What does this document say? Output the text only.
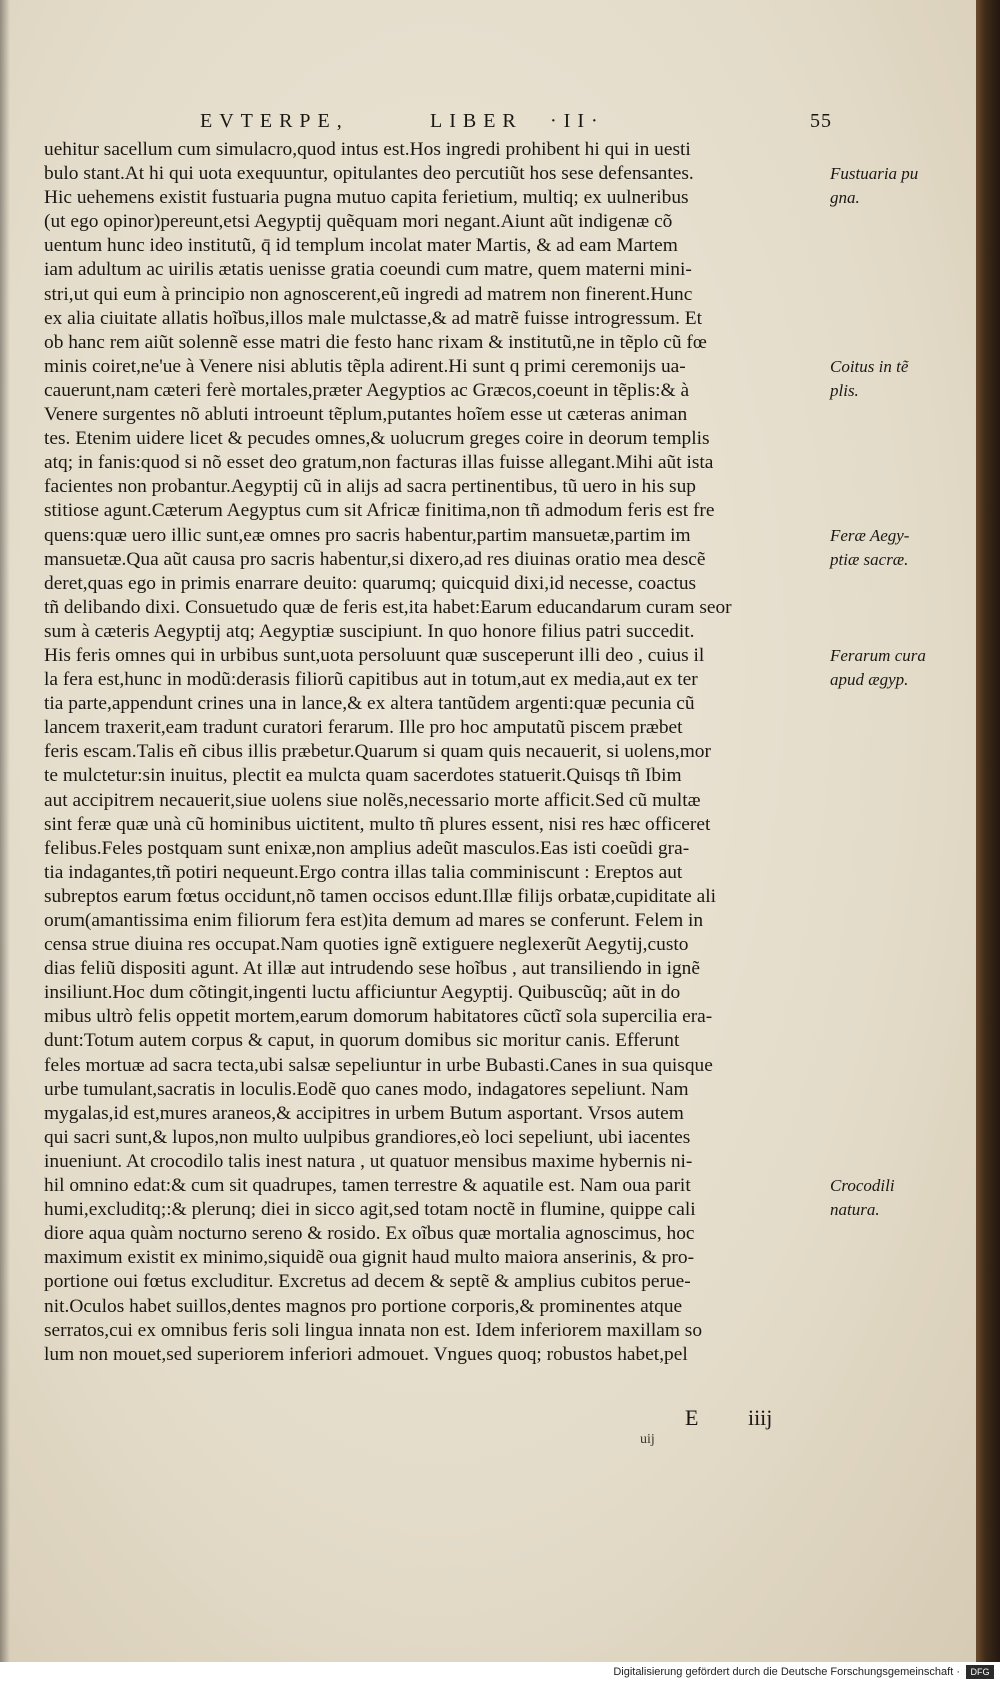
EVTERPE,	LIBER ·II·	55
uehitur sacellum cum simulacro,quod intus est.Hos ingredi prohibent hi qui in uesti
bulo stant.At hi qui uota exequuntur, opitulantes deo percutiũt hos sese defensantes.
Hic uehemens existit fustuaria pugna mutuo capita ferietium, multiq; ex uulneribus
(ut ego opinor)pereunt,etsi Aegyptĳ quẽquam mori negant.Aiunt aũt indigenæ cõ
uentum hunc ideo institutũ, q̄ id templum incolat mater Martis, & ad eam Martem
iam adultum ac uirilis ætatis uenisse gratia coeundi cum matre, quem materni mini-
stri,ut qui eum à principio non agnoscerent,eũ ingredi ad matrem non finerent.Hunc
ex alia ciuitate allatis hoĩbus,illos male mulctasse,& ad matrẽ fuisse introgressum. Et
ob hanc rem aiũt solennẽ esse matri die festo hanc rixam & institutũ,ne in tẽplo cũ fœ
minis coiret,ne'ue à Venere nisi ablutis tẽpla adirent.Hi sunt q primi ceremonĳs ua-
cauerunt,nam cæteri ferè mortales,præter Aegyptios ac Græcos,coeunt in tẽplis:& à
Venere surgentes nõ abluti introeunt tẽplum,putantes hoĩem esse ut cæteras animan
tes. Etenim uidere licet & pecudes omnes,& uolucrum greges coire in deorum templis
atq; in fanis:quod si nõ esset deo gratum,non facturas illas fuisse allegant.Mihi aũt ista
facientes non probantur.Aegyptĳ cũ in alĳs ad sacra pertinentibus, tũ uero in his sup
stitiose agunt.Cæterum Aegyptus cum sit Africæ finitima,non tñ admodum feris est fre
quens:quæ uero illic sunt,eæ omnes pro sacris habentur,partim mansuetæ,partim im
mansuetæ.Qua aũt causa pro sacris habentur,si dixero,ad res diuinas oratio mea descẽ
deret,quas ego in primis enarrare deuito: quarumq; quicquid dixi,id necesse, coactus
tñ delibando dixi. Consuetudo quæ de feris est,ita habet:Earum educandarum curam seor
sum à cæteris Aegyptĳ atq; Aegyptiæ suscipiunt. In quo honore filius patri succedit.
His feris omnes qui in urbibus sunt,uota persoluunt quæ susceperunt illi deo , cuius il
la fera est,hunc in modũ:derasis filiorũ capitibus aut in totum,aut ex media,aut ex ter
tia parte,appendunt crines una in lance,& ex altera tantũdem argenti:quæ pecunia cũ
lancem traxerit,eam tradunt curatori ferarum. Ille pro hoc amputatũ piscem præbet
feris escam.Talis eñ cibus illis præbetur.Quarum si quam quis necauerit, si uolens,mor
te mulctetur:sin inuitus, plectit ea mulcta quam sacerdotes statuerit.Quisqs tñ Ibim
aut accipitrem necauerit,siue uolens siue nolẽs,necessario morte afficit.Sed cũ multæ
sint feræ quæ unà cũ hominibus uictitent, multo tñ plures essent, nisi res hæc officeret
felibus.Feles postquam sunt enixæ,non amplius adeũt masculos.Eas isti coeũdi gra-
tia indagantes,tñ potiri nequeunt.Ergo contra illas talia comminiscunt : Ereptos aut
subreptos earum fœtus occidunt,nõ tamen occisos edunt.Illæ filĳs orbatæ,cupiditate ali
orum(amantissima enim filiorum fera est)ita demum ad mares se conferunt. Felem in
censa strue diuina res occupat.Nam quoties ignẽ extiguere neglexerũt Aegytĳ,custo
dias feliũ dispositi agunt. At illæ aut intrudendo sese hoĩbus , aut transiliendo in ignẽ
insiliunt.Hoc dum cõtingit,ingenti luctu afficiuntur Aegyptĳ. Quibuscũq; aũt in do
mibus ultrò felis oppetit mortem,earum domorum habitatores cũctĩ sola supercilia era-
dunt:Totum autem corpus & caput, in quorum domibus sic moritur canis. Efferunt
feles mortuæ ad sacra tecta,ubi salsæ sepeliuntur in urbe Bubasti.Canes in sua quisque
urbe tumulant,sacratis in loculis.Eodẽ quo canes modo, indagatores sepeliunt. Nam
mygalas,id est,mures araneos,& accipitres in urbem Butum asportant. Vrsos autem
qui sacri sunt,& lupos,non multo uulpibus grandiores,eò loci sepeliunt, ubi iacentes
inueniunt. At crocodilo talis inest natura , ut quatuor mensibus maxime hybernis ni-
hil omnino edat:& cum sit quadrupes, tamen terrestre & aquatile est. Nam oua parit
humi,excluditq;:& plerunq; diei in sicco agit,sed totam noctẽ in flumine, quippe cali
diore aqua quàm nocturno sereno & rosido. Ex oĩbus quæ mortalia agnoscimus, hoc
maximum existit ex minimo,siquidẽ oua gignit haud multo maiora anserinis, & pro-
portione oui fœtus excluditur. Excretus ad decem & septẽ & amplius cubitos perue-
nit.Oculos habet suillos,dentes magnos pro portione corporis,& prominentes atque
serratos,cui ex omnibus feris soli lingua innata non est. Idem inferiorem maxillam so
lum non mouet,sed superiorem inferiori admouet. Vngues quoq; robustos habet,pel
Fustuaria pu
gna.
Coitus in tẽ
plis.
Feræ Aegy-
ptiæ sacræ.
Ferarum cura
apud ægyp.
Crocodili
natura.
E iiij
uij
Digitalisierung gefördert durch die Deutsche Forschungsgemeinschaft ·	DFG
